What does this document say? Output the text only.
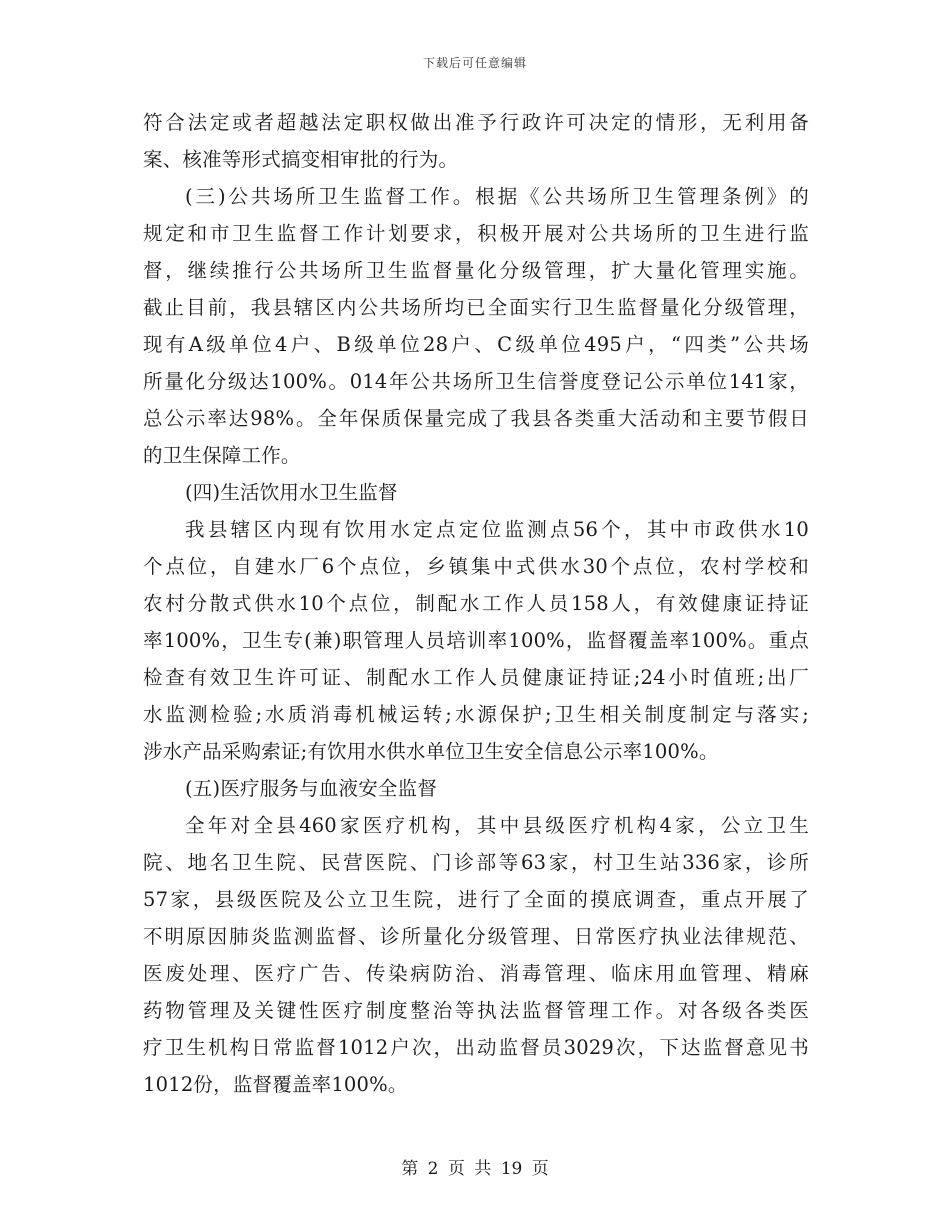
下载后可任意编辑
符合法定或者超越法定职权做出准予行政许可决定的情形，无利用备
案、核准等形式搞变相审批的行为。
(三)公共场所卫生监督工作。根据《公共场所卫生管理条例》的
规定和市卫生监督工作计划要求，积极开展对公共场所的卫生进行监
督，继续推行公共场所卫生监督量化分级管理，扩大量化管理实施。
截止目前，我县辖区内公共场所均已全面实行卫生监督量化分级管理，
现有A级单位4户、B级单位28户、C级单位495户，“四类”公共场
所量化分级达100%。014年公共场所卫生信誉度登记公示单位141家，
总公示率达98%。全年保质保量完成了我县各类重大活动和主要节假日
的卫生保障工作。
(四)生活饮用水卫生监督
我县辖区内现有饮用水定点定位监测点56个，其中市政供水10
个点位，自建水厂6个点位，乡镇集中式供水30个点位，农村学校和
农村分散式供水10个点位，制配水工作人员158人，有效健康证持证
率100%，卫生专(兼)职管理人员培训率100%，监督覆盖率100%。重点
检查有效卫生许可证、制配水工作人员健康证持证;24小时值班;出厂
水监测检验;水质消毒机械运转;水源保护;卫生相关制度制定与落实;
涉水产品采购索证;有饮用水供水单位卫生安全信息公示率100%。
(五)医疗服务与血液安全监督
全年对全县460家医疗机构，其中县级医疗机构4家，公立卫生
院、地名卫生院、民营医院、门诊部等63家，村卫生站336家，诊所
57家，县级医院及公立卫生院，进行了全面的摸底调查，重点开展了
不明原因肺炎监测监督、诊所量化分级管理、日常医疗执业法律规范、
医废处理、医疗广告、传染病防治、消毒管理、临床用血管理、精麻
药物管理及关键性医疗制度整治等执法监督管理工作。对各级各类医
疗卫生机构日常监督1012户次，出动监督员3029次，下达监督意见书
1012份，监督覆盖率100%。
第 2 页 共 19 页
